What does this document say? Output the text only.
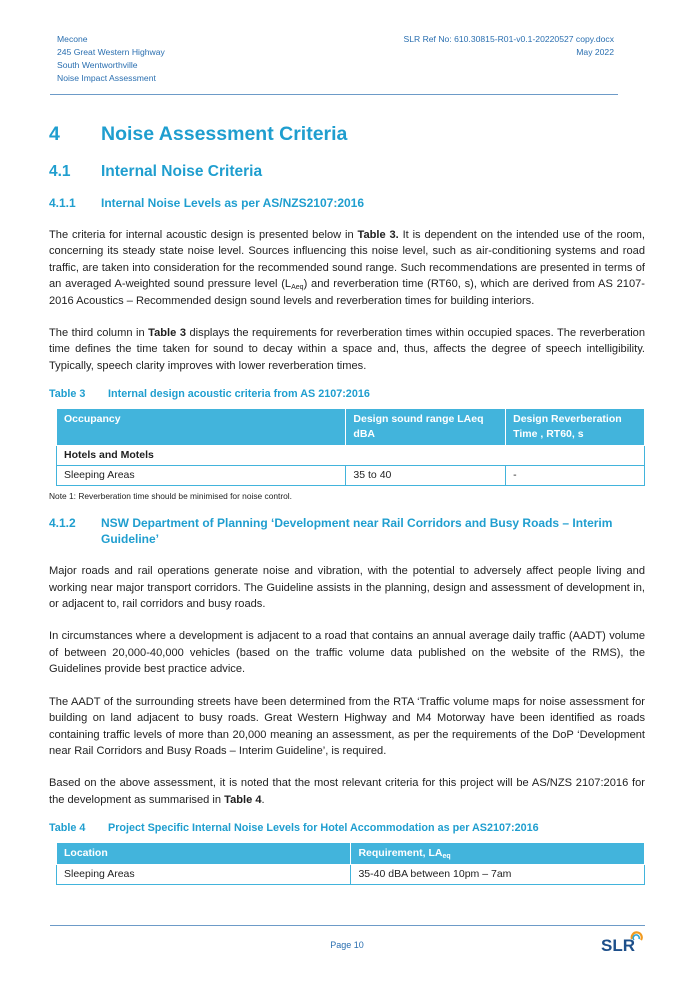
Mecone
245 Great Western Highway
South Wentworthville
Noise Impact Assessment
SLR Ref No: 610.30815-R01-v0.1-20220527 copy.docx
May 2022
4	Noise Assessment Criteria
4.1	Internal Noise Criteria
4.1.1	Internal Noise Levels as per AS/NZS2107:2016

The criteria for internal acoustic design is presented below in Table 3. It is dependent on the intended use of the room, concerning its steady state noise level. Sources influencing this noise level, such as air-conditioning systems and road traffic, are taken into consideration for the recommended sound range. Such recommendations are presented in terms of an averaged A-weighted sound pressure level $(L_{Aeq})$ and reverberation time (RT60, s), which are derived from AS 2107-2016 Acoustics – Recommended design sound levels and reverberation times for building interiors.

The third column in Table 3 displays the requirements for reverberation times within occupied spaces. The reverberation time defines the time taken for sound to decay within a space and, thus, affects the degree of speech intelligibility. Typically, speech clarity improves with lower reverberation times.

Table 3	Internal design acoustic criteria from AS 2107:2016
Occupancy	Design sound range LAeq dBA	Design Reverberation Time , RT60, s
Hotels and Motels		
Sleeping Areas	35 to 40	-
Note 1: Reverberation time should be minimised for noise control.
4.1.2	NSW Department of Planning ‘Development near Rail Corridors and Busy Roads – Interim Guideline’

Major roads and rail operations generate noise and vibration, with the potential to adversely affect people living and working near major transport corridors. The Guideline assists in the planning, design and assessment of development in, or adjacent to, rail corridors and busy roads.

In circumstances where a development is adjacent to a road that contains an annual average daily traffic (AADT) volume of between 20,000-40,000 vehicles (based on the traffic volume data published on the website of the RMS), the Guidelines provide best practice advice.

The AADT of the surrounding streets have been determined from the RTA ‘Traffic volume maps for noise assessment for building on land adjacent to busy roads. Great Western Highway and M4 Motorway have been identified as roads containing traffic levels of more than 20,000 meaning an assessment, as per the requirements of the DoP ‘Development near Rail Corridors and Busy Roads – Interim Guideline’, is required.

Based on the above assessment, it is noted that the most relevant criteria for this project will be AS/NZS 2107:2016 for the development as summarised in Table 4.

Table 4	Project Specific Internal Noise Levels for Hotel Accommodation as per AS2107:2016
Location	Requirement, $LA_{eq}$
Sleeping Areas	35-40 dBA between 10pm – 7am
Page 10	SLR
